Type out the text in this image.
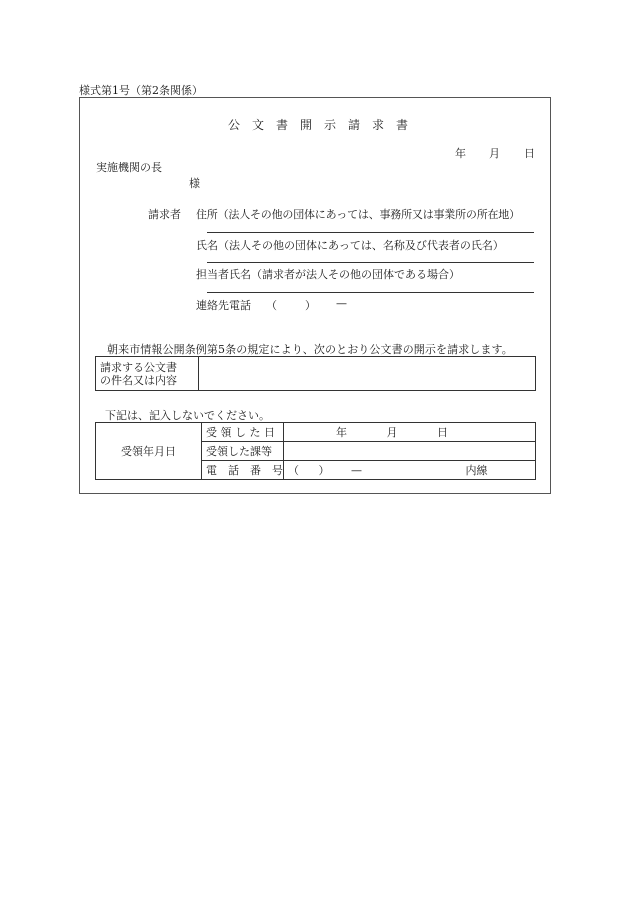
様式第1号（第2条関係）
公　文　書　開　示　請　求　書
年 月 日
実施機関の長
様
請求者 住所（法人その他の団体にあっては、事務所又は事業所の所在地）
氏名（法人その他の団体にあっては、名称及び代表者の氏名）
担当者氏名（請求者が法人その他の団体である場合）
連絡先電話 （	） —
朝来市情報公開条例第5条の規定により、次のとおり公文書の開示を請求します。
請求する公文書
の件名又は内容

下記は、記入しないでください。
受領年月日	受 領 し た 日	年 月 日
	受領した課等	
	電　話　番　号	（ ） — 内線
